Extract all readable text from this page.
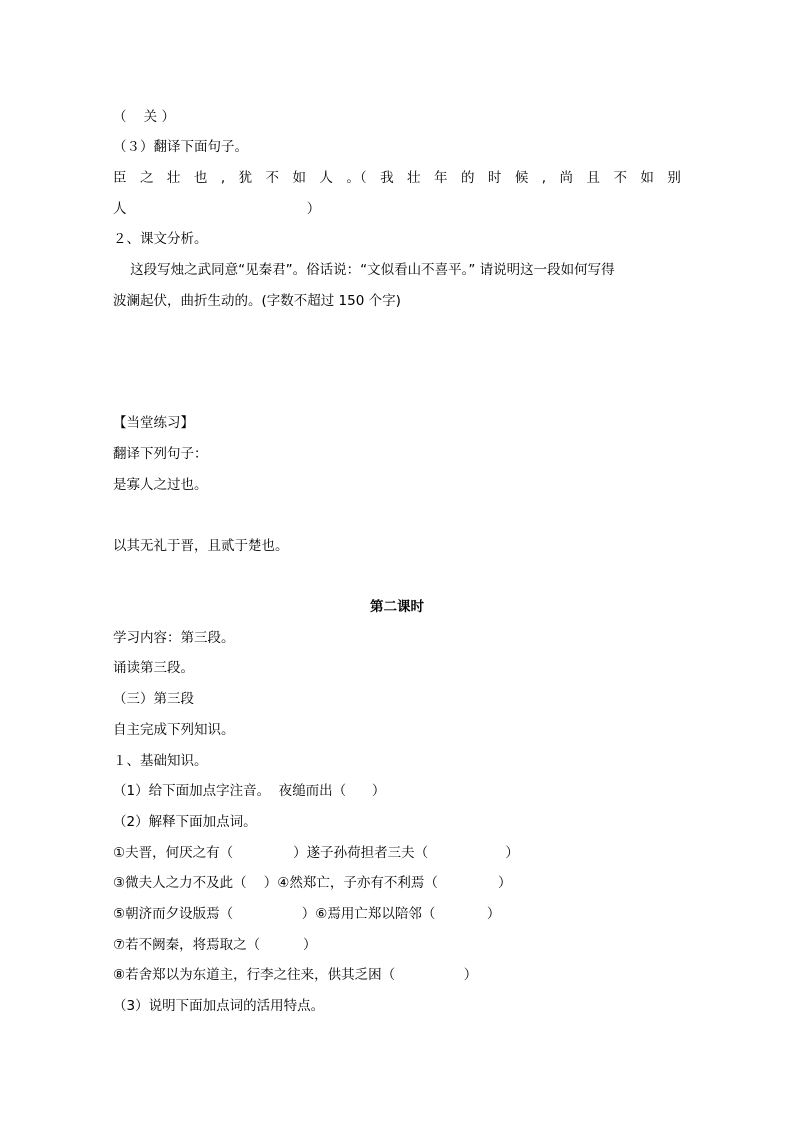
（    关 ）
（３）翻译下面句子。
臣 之 壮 也 , 犹 不 如 人 。（ 我 壮 年 的 时 候 , 尚 且 不 如 别
人                                          ）
２、课文分析。
这段写烛之武同意“见秦君”。俗话说：“文似看山不喜平。” 请说明这一段如何写得
波澜起伏，曲折生动的。(字数不超过 150 个字)
【当堂练习】
翻译下列句子：
是寡人之过也。
以其无礼于晋，且贰于楚也。
第二课时
学习内容：第三段。
诵读第三段。
（三）第三段
自主完成下列知识。
１、基础知识。
（1）给下面加点字注音。  夜缒而出（      ）
（2）解释下面加点词。
①夫晋，何厌之有（              ）遂子孙荷担者三夫（                  ）
③微夫人之力不及此（    ）④然郑亡，子亦有不利焉（              ）
⑤朝济而夕设版焉（                ）⑥焉用亡郑以陪邻（            ）
⑦若不阙秦，将焉取之（          ）
⑧若舍郑以为东道主，行李之往来，供其乏困（                ）
（3）说明下面加点词的活用特点。
